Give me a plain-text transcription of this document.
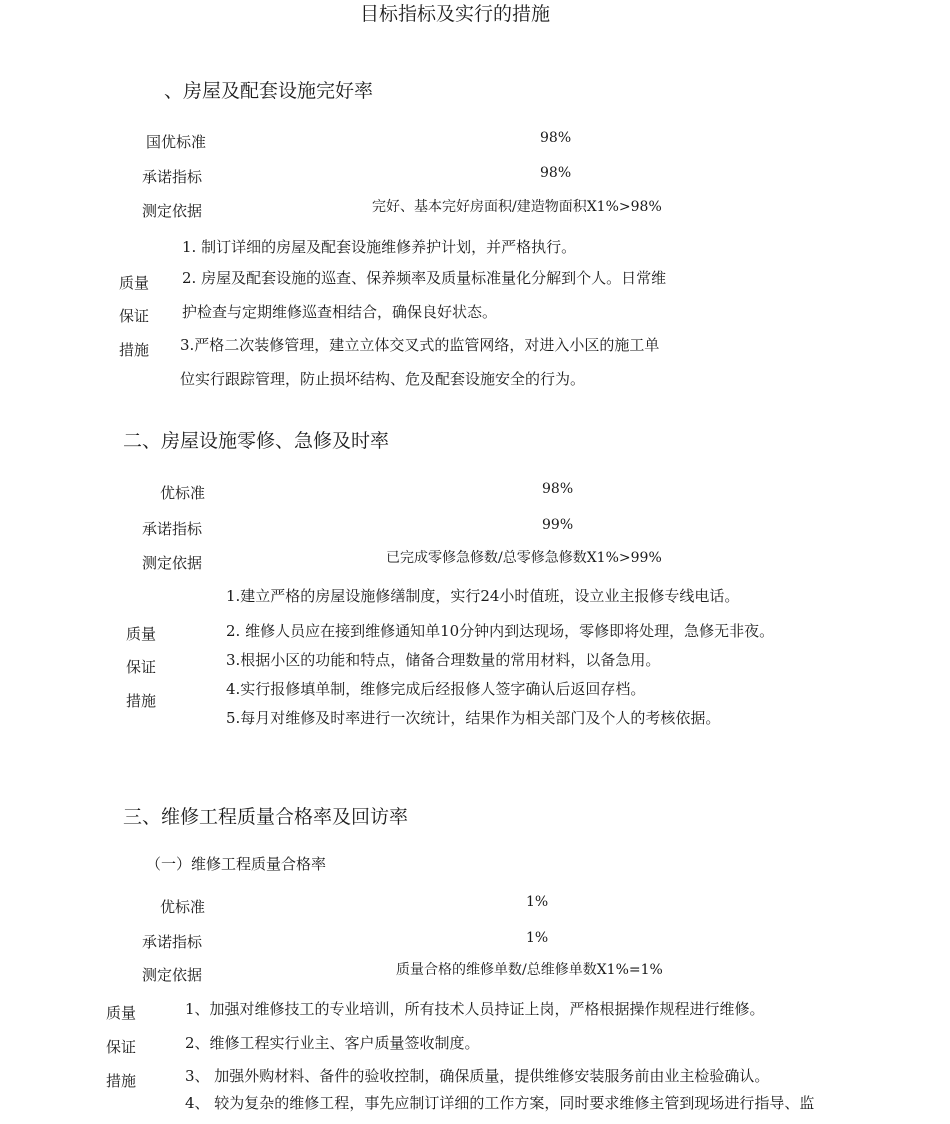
目标指标及实行的措施
、房屋及配套设施完好率
国优标准	98%
承诺指标	98%
测定依据	完好、基本完好房面积/建造物面积Ⅹ1%>98%
质量
保证
措施
1. 制订详细的房屋及配套设施维修养护计划，并严格执行。
2. 房屋及配套设施的巡查、保养频率及质量标准量化分解到个人。日常维
护检查与定期维修巡查相结合，确保良好状态。
3.严格二次装修管理，建立立体交叉式的监管网络，对进入小区的施工单
位实行跟踪管理，防止损坏结构、危及配套设施安全的行为。
二、房屋设施零修、急修及时率
优标准	98%
承诺指标	99%
测定依据	已完成零修急修数/总零修急修数Ⅹ1%>99%
质量
保证
措施
1.建立严格的房屋设施修缮制度，实行24小时值班，设立业主报修专线电话。
2. 维修人员应在接到维修通知单10分钟内到达现场，零修即将处理，急修无非夜。
3.根据小区的功能和特点，储备合理数量的常用材料，以备急用。
4.实行报修填单制，维修完成后经报修人签字确认后返回存档。
5.每月对维修及时率进行一次统计，结果作为相关部门及个人的考核依据。
三、维修工程质量合格率及回访率
（一）维修工程质量合格率
优标准	1%
承诺指标	1%
测定依据	质量合格的维修单数/总维修单数Ⅹ1%=1%
质量
保证
措施
1、加强对维修技工的专业培训，所有技术人员持证上岗，严格根据操作规程进行维修。
2、维修工程实行业主、客户质量签收制度。
3、 加强外购材料、备件的验收控制，确保质量，提供维修安装服务前由业主检验确认。
4、 较为复杂的维修工程，事先应制订详细的工作方案，同时要求维修主管到现场进行指导、监
